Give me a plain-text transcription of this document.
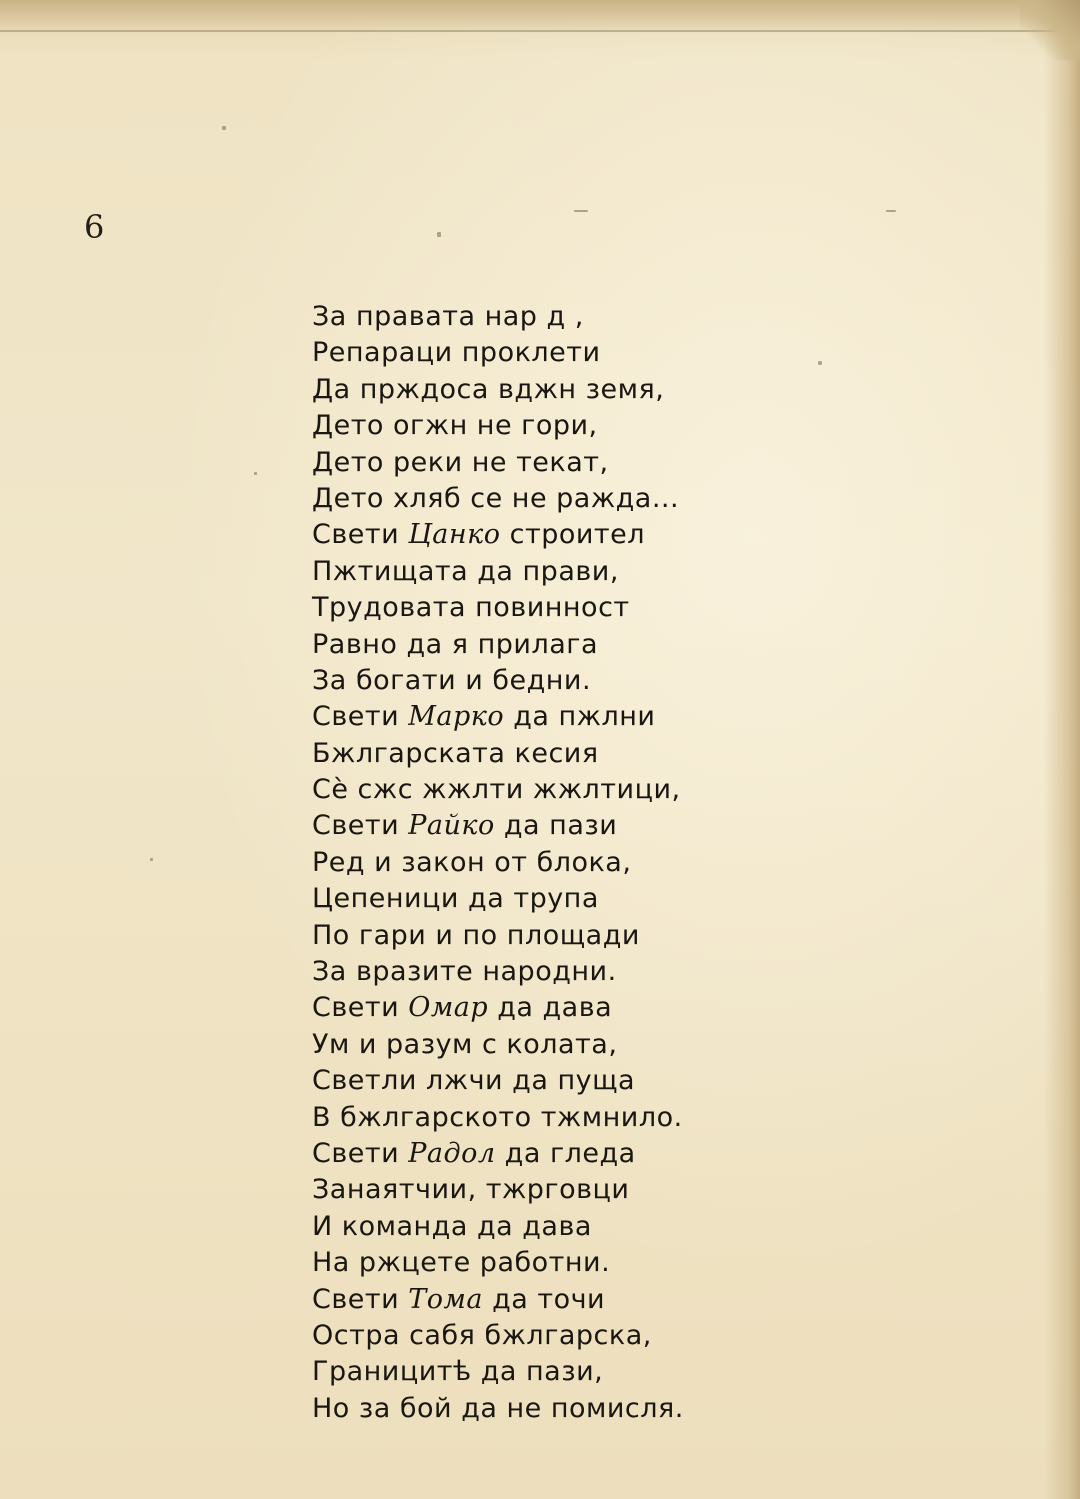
6
За правата нар д ,
Репараци проклети
Да прждоса вджн земя,
Дето огжн не гори,
Дето реки не текат,
Дето хляб се не ражда...
Свети Цанко строител
Пжтищата да прави,
Трудовата повинност
Равно да я прилага
За богати и бедни.
Свети Марко да пжлни
Бжлгарската кесия
Сѐ сжс жжлти жжлтици,
Свети Райко да пази
Ред и закон от блока,
Цепеници да трупа
По гари и по площади
За вразите народни.
Свети Омар да дава
Ум и разум с колата,
Светли лжчи да пуща
В бжлгарското тжмнило.
Свети Радол да гледа
Занаятчии, тжрговци
И команда да дава
На ржцете работни.
Свети Тома да точи
Остра сабя бжлгарска,
Границитѣ да пази,
Но за бой да не помисля.
